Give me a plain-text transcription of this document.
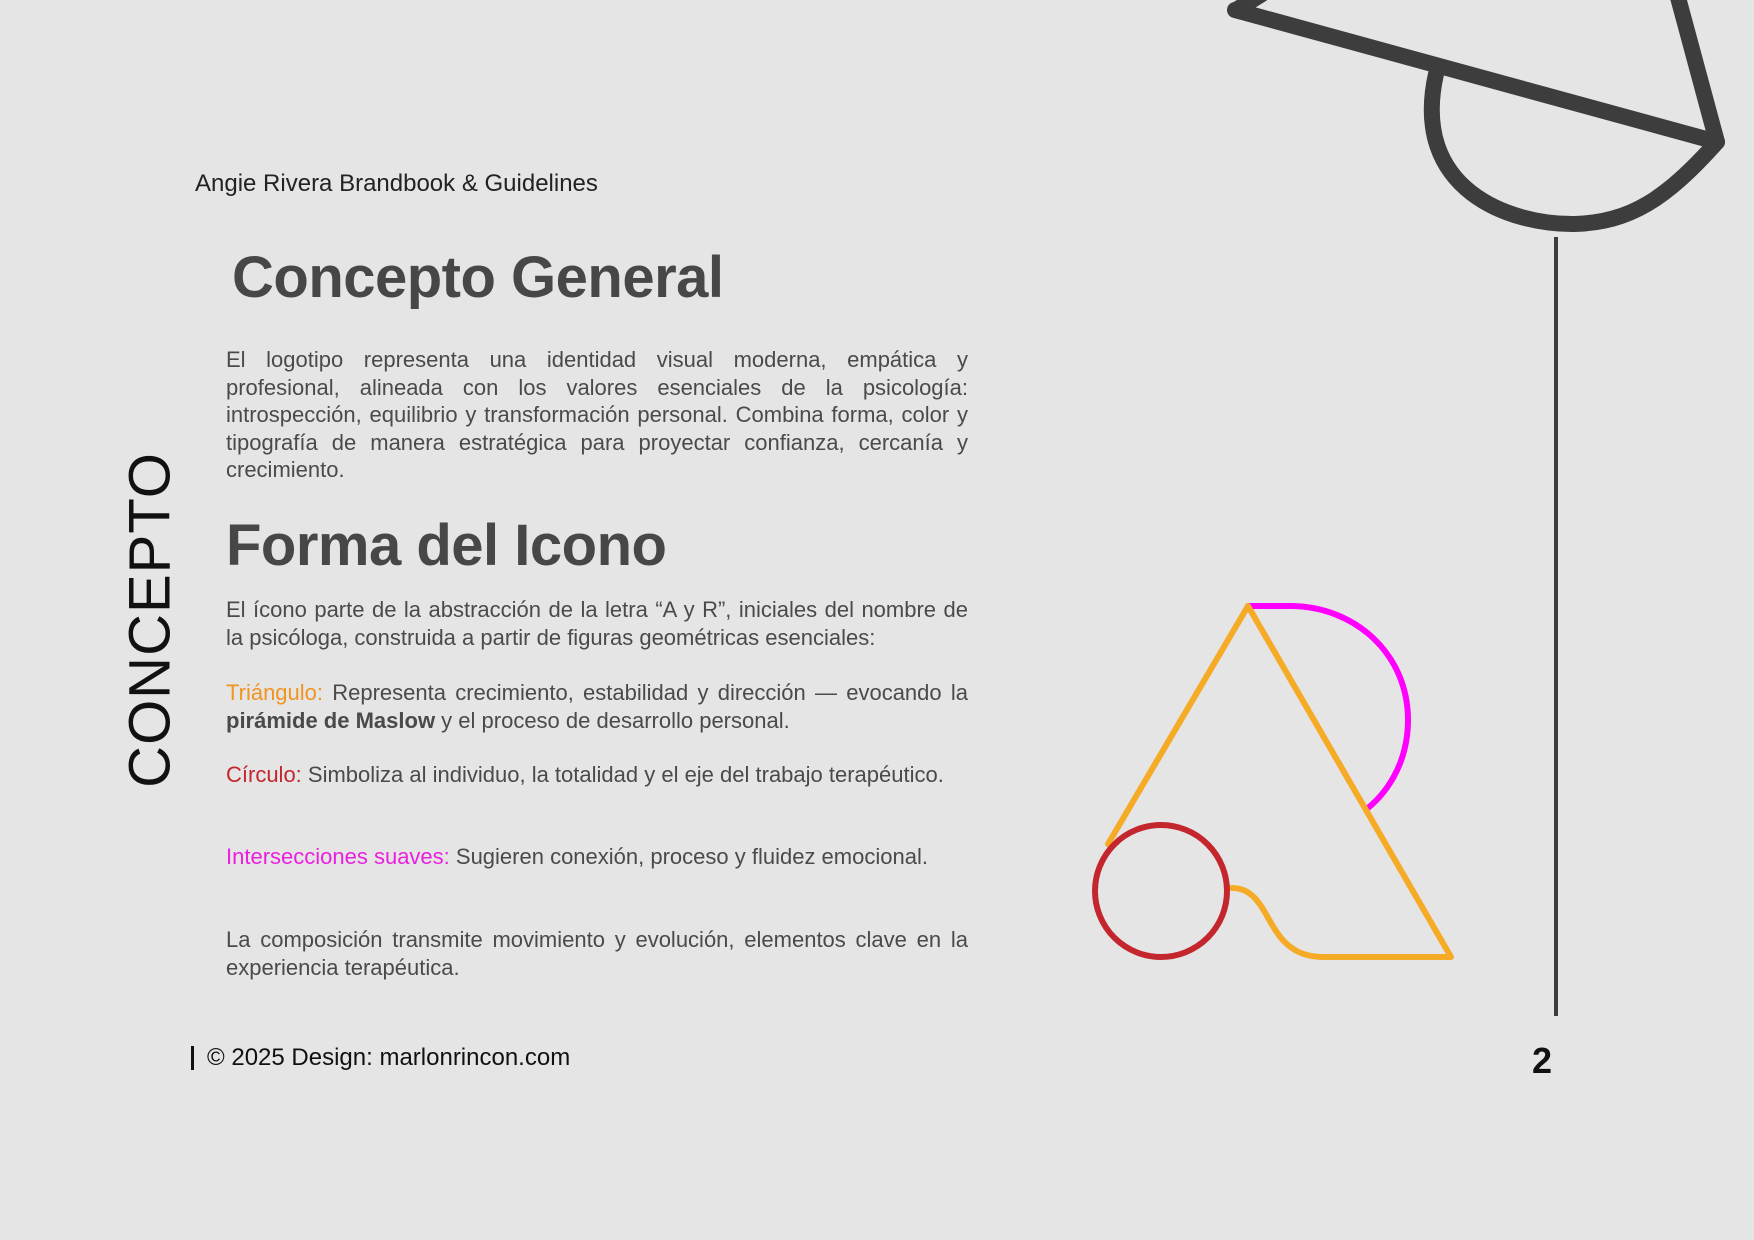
Angie Rivera Brandbook & Guidelines
CONCEPTO
Concepto General

El logotipo representa una identidad visual moderna, empática y profesional, alineada con los valores esenciales de la psicología: introspección, equilibrio y transformación personal. Combina forma, color y tipografía de manera estratégica para proyectar confianza, cercanía y crecimiento.

Forma del Icono

El ícono parte de la abstracción de la letra “A y R”, iniciales del nombre de la psicóloga, construida a partir de figuras geométricas esenciales:

Triángulo: Representa crecimiento, estabilidad y dirección — evocando la pirámide de Maslow y el proceso de desarrollo personal.

Círculo: Simboliza al individuo, la totalidad y el eje del trabajo terapéutico.

Intersecciones suaves: Sugieren conexión, proceso y fluidez emocional.

La composición transmite movimiento y evolución, elementos clave en la experiencia terapéutica.

© 2025 Design: marlonrincon.com	2
